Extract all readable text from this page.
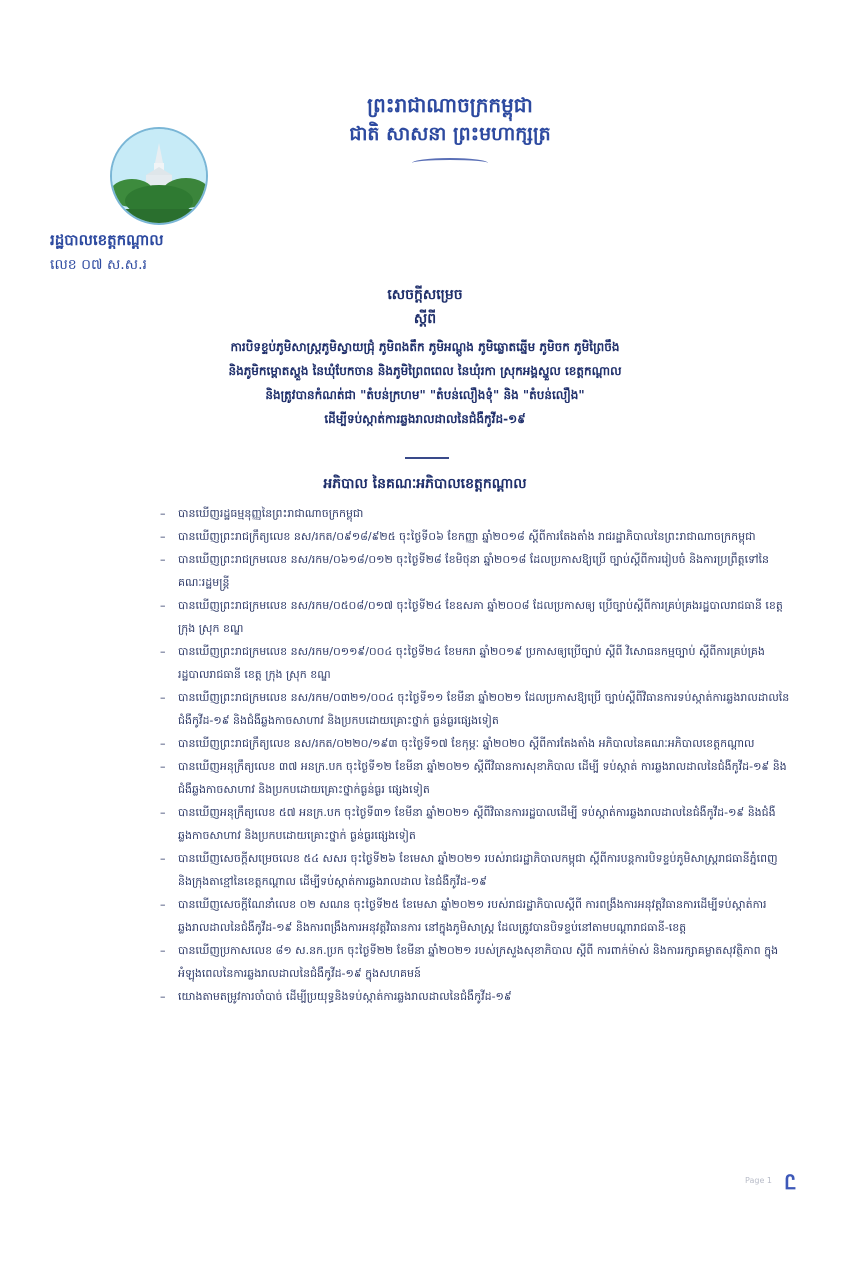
ព្រះរាជាណាចក្រកម្ពុជា
ជាតិ សាសនា ព្រះមហាក្សត្រ
រដ្ឋបាលខេត្តកណ្ដាល
លេខ ០៧ ស.ស.រ
សេចក្ដីសម្រេច
ស្ដីពី
ការបិទខ្ទប់ភូមិសាស្ដ្រភូមិស្វាយជ្រុំ ភូមិពងតឹក ភូមិអណ្ដូង ភូមិឆ្លោតឆ្នើម ភូមិចក ភូមិព្រៃចឹង
និងភូមិកម្ពោតស្ពួង នៃឃុំបែកចាន និងភូមិព្រៃពពេល នៃឃុំរកា ស្រុកអង្គស្នួល ខេត្តកណ្ដាល
និងត្រូវបានកំណត់ជា "តំបន់ក្រហម" "តំបន់លឿងទុំ" និង "តំបន់លឿង"
ដើម្បីទប់ស្កាត់ការឆ្លងរាលដាលនៃជំងឺកូវីដ-១៩
អភិបាល នៃគណៈអភិបាលខេត្តកណ្ដាល
– បានឃើញរដ្ឋធម្មនុញ្ញនៃព្រះរាជាណាចក្រកម្ពុជា
– បានឃើញព្រះរាជក្រឹត្យលេខ នស/រកត/០៩១៨/៩២៥ ចុះថ្ងៃទី០៦ ខែកញ្ញា ឆ្នាំ២០១៨ ស្ដីពីការតែងតាំង រាជរដ្ឋាភិបាលនៃព្រះរាជាណាចក្រកម្ពុជា
– បានឃើញព្រះរាជក្រមលេខ នស/រកម/០៦១៨/០១២ ចុះថ្ងៃទី២៨ ខែមិថុនា ឆ្នាំ២០១៨ ដែលប្រកាសឱ្យប្រើ ច្បាប់ស្ដីពីការរៀបចំ និងការប្រព្រឹត្តទៅនៃគណៈរដ្ឋមន្ត្រី
– បានឃើញព្រះរាជក្រមលេខ នស/រកម/០៥០៨/០១៧ ចុះថ្ងៃទី២៤ ខែឧសភា ឆ្នាំ២០០៨ ដែលប្រកាសឲ្យ ប្រើច្បាប់ស្ដីពីការគ្រប់គ្រងរដ្ឋបាលរាជធានី ខេត្ត ក្រុង ស្រុក ខណ្ឌ
– បានឃើញព្រះរាជក្រមលេខ នស/រកម/០១១៩/០០៤ ចុះថ្ងៃទី២៤ ខែមករា ឆ្នាំ២០១៩ ប្រកាសឲ្យប្រើច្បាប់ ស្ដីពី វិសោធនកម្មច្បាប់ ស្ដីពីការគ្រប់គ្រងរដ្ឋបាលរាជធានី ខេត្ត ក្រុង ស្រុក ខណ្ឌ
– បានឃើញព្រះរាជក្រមលេខ នស/រកម/០៣២១/០០៤ ចុះថ្ងៃទី១១ ខែមីនា ឆ្នាំ២០២១ ដែលប្រកាសឱ្យប្រើ ច្បាប់ស្ដីពីវិធានការទប់ស្កាត់ការឆ្លងរាលដាលនៃជំងឺកូវីដ-១៩ និងជំងឺឆ្លងកាចសាហាវ និងប្រកបដោយគ្រោះថ្នាក់ ធ្ងន់ធ្ងរផ្សេងទៀត
– បានឃើញព្រះរាជក្រឹត្យលេខ នស/រកត/០២២០/១៩៣ ចុះថ្ងៃទី១៧ ខែកុម្ភៈ ឆ្នាំ២០២០ ស្ដីពីការតែងតាំង អភិបាលនៃគណៈអភិបាលខេត្តកណ្ដាល
– បានឃើញអនុក្រឹត្យលេខ ៣៧ អនក្រ.បក ចុះថ្ងៃទី១២ ខែមីនា ឆ្នាំ២០២១ ស្ដីពីវិធានការសុខាភិបាល ដើម្បី ទប់ស្កាត់ ការឆ្លងរាលដាលនៃជំងឺកូវីដ-១៩ និងជំងឺឆ្លងកាចសាហាវ និងប្រកបដោយគ្រោះថ្នាក់ធ្ងន់ធ្ងរ ផ្សេងទៀត
– បានឃើញអនុក្រឹត្យលេខ ៥៧ អនក្រ.បក ចុះថ្ងៃទី៣១ ខែមីនា ឆ្នាំ២០២១ ស្ដីពីវិធានការរដ្ឋបាលដើម្បី ទប់ស្កាត់ការឆ្លងរាលដាលនៃជំងឺកូវីដ-១៩ និងជំងឺឆ្លងកាចសាហាវ និងប្រកបដោយគ្រោះថ្នាក់ ធ្ងន់ធ្ងរផ្សេងទៀត
– បានឃើញសេចក្ដីសម្រេចលេខ ៥៤ សសរ ចុះថ្ងៃទី២៦ ខែមេសា ឆ្នាំ២០២១ របស់រាជរដ្ឋាភិបាលកម្ពុជា ស្ដីពីការបន្តការបិទខ្ទប់ភូមិសាស្ដ្ររាជធានីភ្នំពេញ និងក្រុងតាខ្មៅនៃខេត្តកណ្ដាល ដើម្បីទប់ស្កាត់ការឆ្លងរាលដាល នៃជំងឺកូវីដ-១៩
– បានឃើញសេចក្ដីណែនាំលេខ ០២ សណន ចុះថ្ងៃទី២៥ ខែមេសា ឆ្នាំ២០២១ របស់រាជរដ្ឋាភិបាលស្ដីពី ការពង្រឹងការអនុវត្តវិធានការដើម្បីទប់ស្កាត់ការឆ្លងរាលដាលនៃជំងឺកូវីដ-១៩ និងការពង្រឹងការអនុវត្តវិធានការ នៅក្នុងភូមិសាស្ដ្រ ដែលត្រូវបានបិទខ្ទប់នៅតាមបណ្ដារាជធានី-ខេត្ត
– បានឃើញប្រកាសលេខ ៨១ ស.នក.ប្រក ចុះថ្ងៃទី២២ ខែមីនា ឆ្នាំ២០២១ របស់ក្រសួងសុខាភិបាល ស្ដីពី ការពាក់ម៉ាស់ និងការរក្សាគម្លាតសុវត្ថិភាព ក្នុងអំឡុងពេលនៃការឆ្លងរាលដាលនៃជំងឺកូវីដ-១៩ ក្នុងសហគមន៍
– យោងតាមតម្រូវការចាំបាច់ ដើម្បីប្រយុទ្ធនិងទប់ស្កាត់ការឆ្លងរាលដាលនៃជំងឺកូវីដ-១៩
Page 1 Ꮭ
